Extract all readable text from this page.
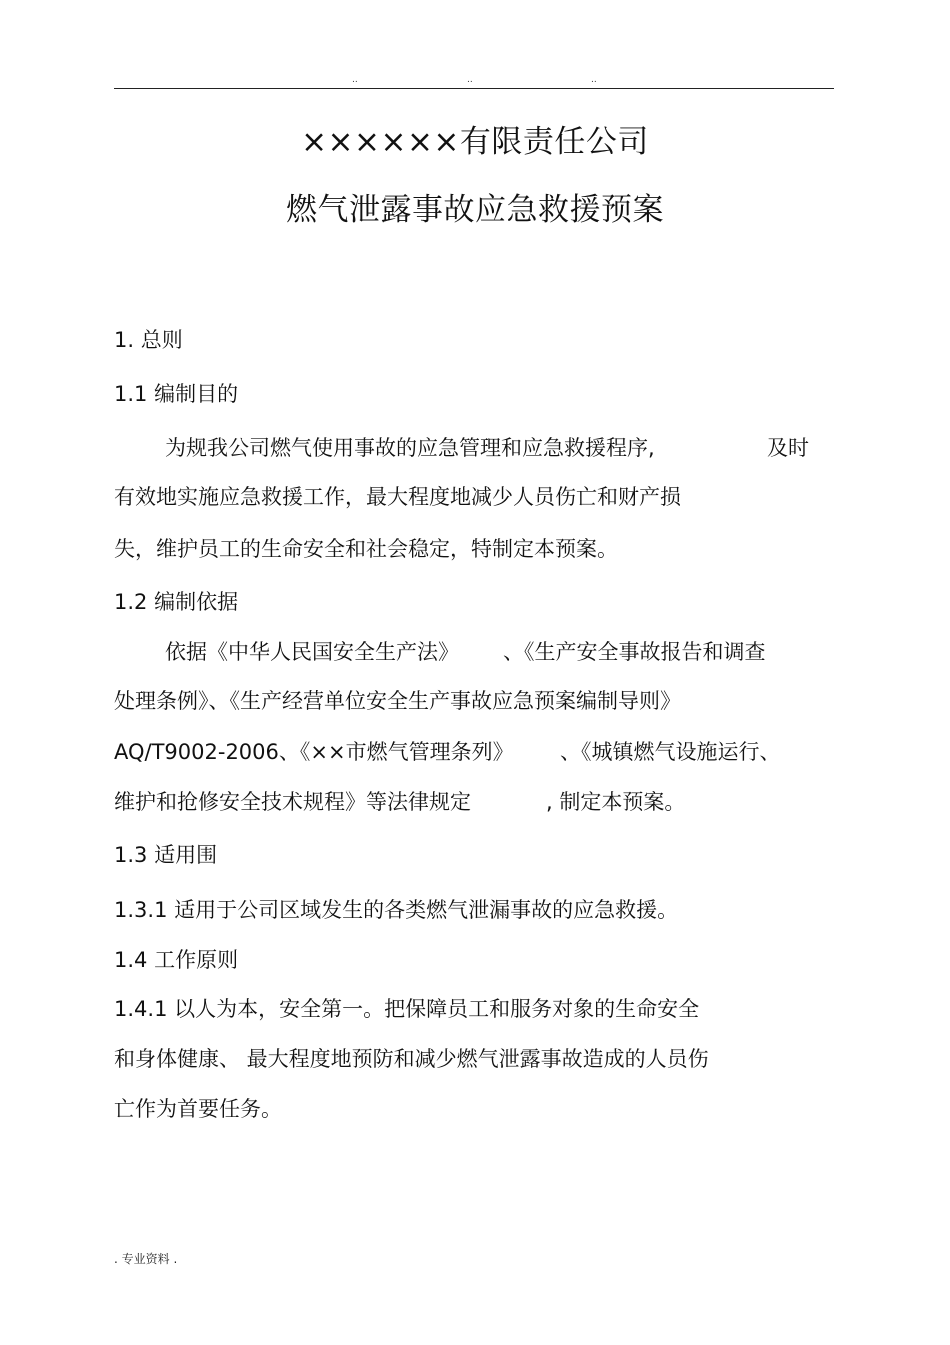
..	..	..
××××××有限责任公司
燃气泄露事故应急救援预案
1. 总则
1.1 编制目的
为规我公司燃气使用事故的应急管理和应急救援程序,	及时
有效地实施应急救援工作，最大程度地减少人员伤亡和财产损
失，维护员工的生命安全和社会稳定，特制定本预案。
1.2 编制依据
依据《中华人民国安全生产法》 、《生产安全事故报告和调查
处理条例》、《生产经营单位安全生产事故应急预案编制导则》
AQ/T9002-2006、《××市燃气管理条列》 、《城镇燃气设施运行、
维护和抢修安全技术规程》等法律规定	, 制定本预案。
1.3 适用围
1.3.1 适用于公司区域发生的各类燃气泄漏事故的应急救援。
1.4 工作原则
1.4.1 以人为本，安全第一。把保障员工和服务对象的生命安全
和身体健康、 最大程度地预防和减少燃气泄露事故造成的人员伤
亡作为首要任务。
. 专业资料 .
